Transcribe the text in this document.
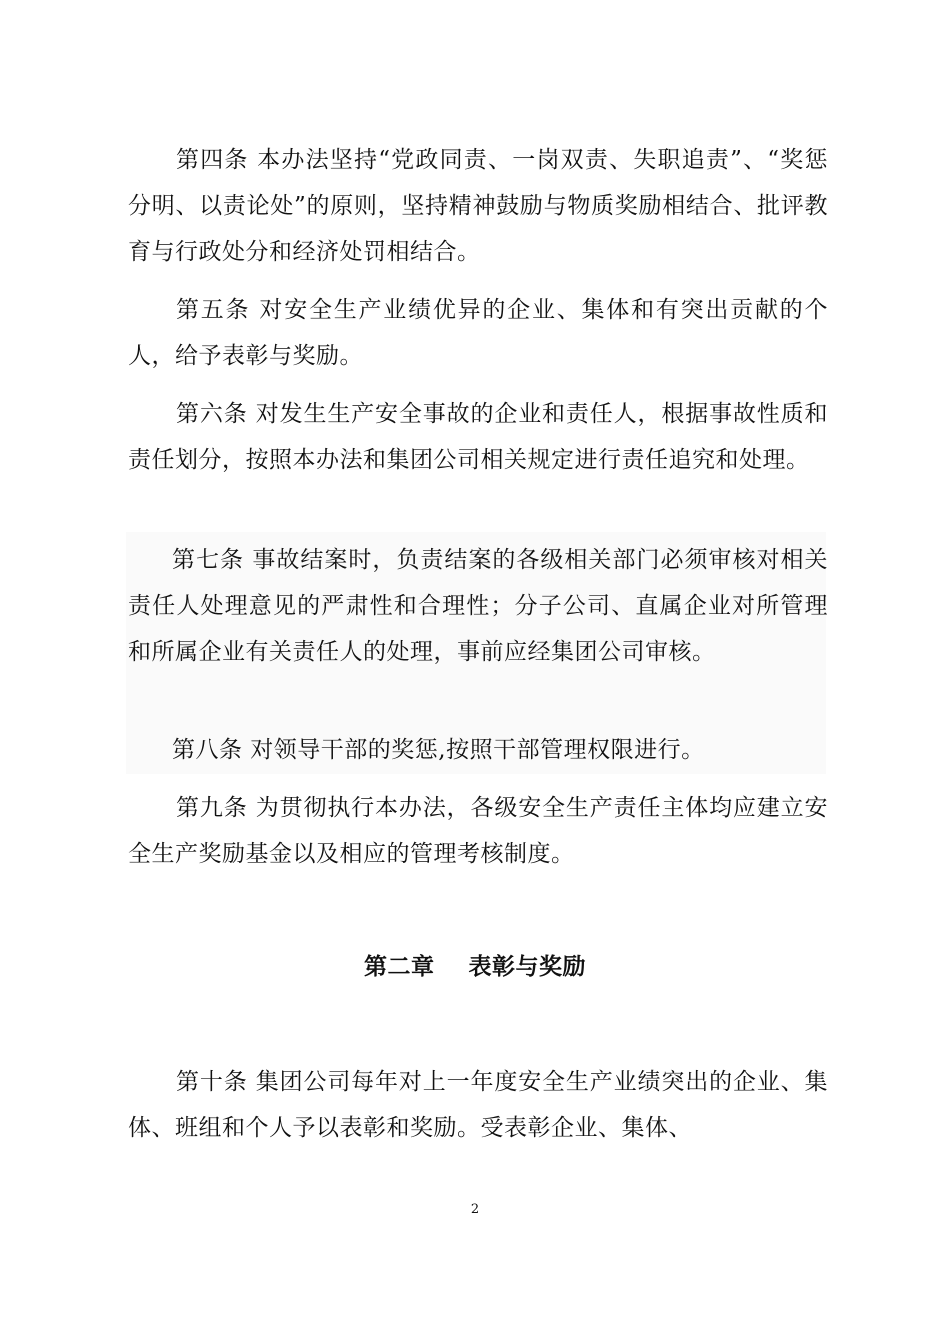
第四条 本办法坚持“党政同责、一岗双责、失职追责”、“奖惩分明、以责论处”的原则，坚持精神鼓励与物质奖励相结合、批评教育与行政处分和经济处罚相结合。

第五条 对安全生产业绩优异的企业、集体和有突出贡献的个人，给予表彰与奖励。

第六条 对发生生产安全事故的企业和责任人，根据事故性质和责任划分，按照本办法和集团公司相关规定进行责任追究和处理。

第七条 事故结案时，负责结案的各级相关部门必须审核对相关责任人处理意见的严肃性和合理性；分子公司、直属企业对所管理和所属企业有关责任人的处理，事前应经集团公司审核。

第八条 对领导干部的奖惩,按照干部管理权限进行。

第九条 为贯彻执行本办法，各级安全生产责任主体均应建立安全生产奖励基金以及相应的管理考核制度。

第二章    表彰与奖励

第十条 集团公司每年对上一年度安全生产业绩突出的企业、集体、班组和个人予以表彰和奖励。受表彰企业、集体、

2
